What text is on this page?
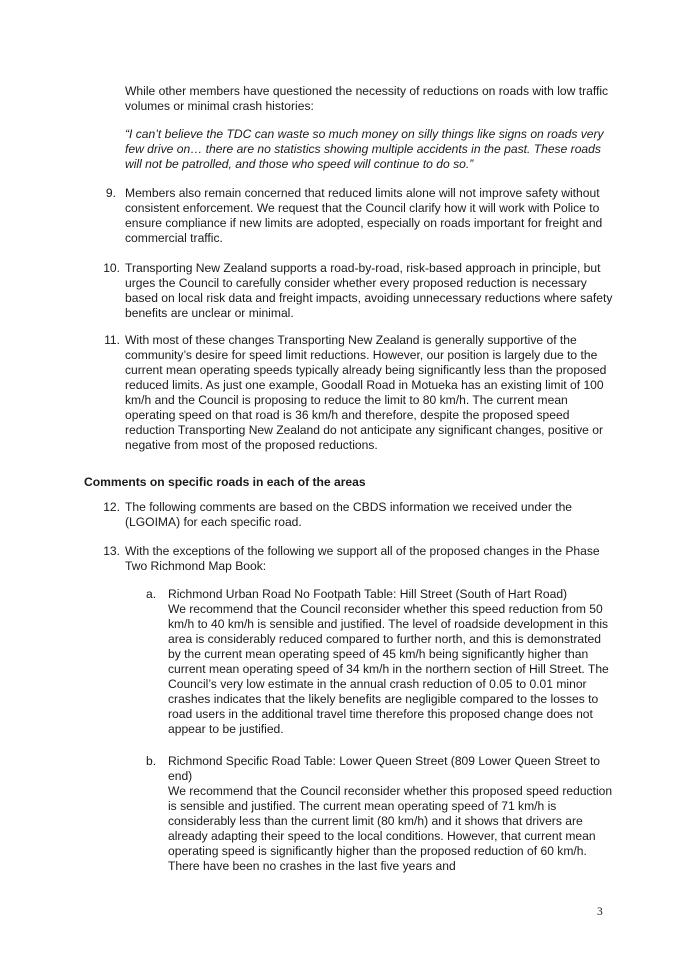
While other members have questioned the necessity of reductions on roads with low traffic volumes or minimal crash histories:

“I can’t believe the TDC can waste so much money on silly things like signs on roads very few drive on… there are no statistics showing multiple accidents in the past. These roads will not be patrolled, and those who speed will continue to do so.”

9. Members also remain concerned that reduced limits alone will not improve safety without consistent enforcement. We request that the Council clarify how it will work with Police to ensure compliance if new limits are adopted, especially on roads important for freight and commercial traffic.

10. Transporting New Zealand supports a road-by-road, risk-based approach in principle, but urges the Council to carefully consider whether every proposed reduction is necessary based on local risk data and freight impacts, avoiding unnecessary reductions where safety benefits are unclear or minimal.

11. With most of these changes Transporting New Zealand is generally supportive of the community’s desire for speed limit reductions. However, our position is largely due to the current mean operating speeds typically already being significantly less than the proposed reduced limits. As just one example, Goodall Road in Motueka has an existing limit of 100 km/h and the Council is proposing to reduce the limit to 80 km/h. The current mean operating speed on that road is 36 km/h and therefore, despite the proposed speed reduction Transporting New Zealand do not anticipate any significant changes, positive or negative from most of the proposed reductions.

Comments on specific roads in each of the areas

12. The following comments are based on the CBDS information we received under the (LGOIMA) for each specific road.

13. With the exceptions of the following we support all of the proposed changes in the Phase Two Richmond Map Book:

a. Richmond Urban Road No Footpath Table: Hill Street (South of Hart Road)
We recommend that the Council reconsider whether this speed reduction from 50 km/h to 40 km/h is sensible and justified. The level of roadside development in this area is considerably reduced compared to further north, and this is demonstrated by the current mean operating speed of 45 km/h being significantly higher than current mean operating speed of 34 km/h in the northern section of Hill Street. The Council’s very low estimate in the annual crash reduction of 0.05 to 0.01 minor crashes indicates that the likely benefits are negligible compared to the losses to road users in the additional travel time therefore this proposed change does not appear to be justified.
b. Richmond Specific Road Table: Lower Queen Street (809 Lower Queen Street to end)
We recommend that the Council reconsider whether this proposed speed reduction is sensible and justified. The current mean operating speed of 71 km/h is considerably less than the current limit (80 km/h) and it shows that drivers are already adapting their speed to the local conditions. However, that current mean operating speed is significantly higher than the proposed reduction of 60 km/h. There have been no crashes in the last five years and
3
